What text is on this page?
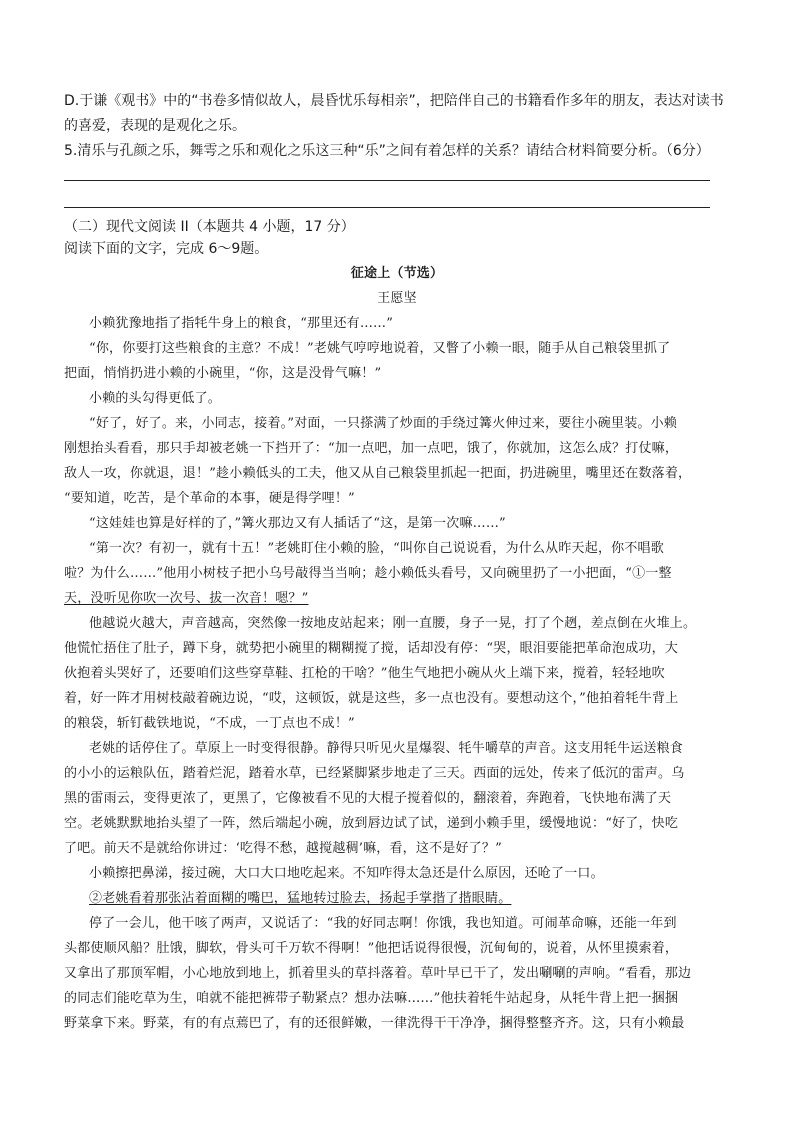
D.于谦《观书》中的“书卷多情似故人，晨昏忧乐每相亲”，把陪伴自己的书籍看作多年的朋友，表达对读书
的喜爱，表现的是观化之乐。
5.清乐与孔颜之乐，舞雩之乐和观化之乐这三种“乐”之间有着怎样的关系？请结合材料简要分析。（6分）
（二）现代文阅读 II（本题共 4 小题，17 分）
阅读下面的文字，完成 6～9题。
征途上（节选）
王愿坚
小赖犹豫地指了指牦牛身上的粮食，“那里还有……”
“你，你要打这些粮食的主意？不成！”老姚气哼哼地说着，又瞥了小赖一眼，随手从自己粮袋里抓了
把面，悄悄扔进小赖的小碗里，“你，这是没骨气嘛！”
小赖的头勾得更低了。
“好了，好了。来，小同志，接着。”对面，一只搽满了炒面的手绕过篝火伸过来，要往小碗里装。小赖
刚想抬头看看，那只手却被老姚一下挡开了：“加一点吧，加一点吧，饿了，你就加，这怎么成？打仗嘛，
敌人一攻，你就退，退！”趁小赖低头的工夫，他又从自己粮袋里抓起一把面，扔进碗里，嘴里还在数落着，
“要知道，吃苦，是个革命的本事，硬是得学哩！”
“这娃娃也算是好样的了，”篝火那边又有人插话了“这，是第一次嘛……”
“第一次？有初一，就有十五！”老姚盯住小赖的脸，“叫你自己说说看，为什么从昨天起，你不唱歌
啦？为什么……”他用小树枝子把小乌号敲得当当响；趁小赖低头看号，又向碗里扔了一小把面，“①一整
天，没听见你吹一次号、拔一次音！嗯？”
他越说火越大，声音越高，突然像一按地皮站起来；刚一直腰，身子一晃，打了个趔，差点倒在火堆上。
他慌忙捂住了肚子，蹲下身，就势把小碗里的糊糊搅了搅，话却没有停：“哭，眼泪要能把革命泡成功，大
伙抱着头哭好了，还要咱们这些穿草鞋、扛枪的干啥？”他生气地把小碗从火上端下来，搅着，轻轻地吹
着，好一阵才用树枝敲着碗边说，“哎，这顿饭，就是这些，多一点也没有。要想动这个，”他拍着牦牛背上
的粮袋，斩钉截铁地说，“不成，一丁点也不成！”
老姚的话停住了。草原上一时变得很静。静得只听见火星爆裂、牦牛嚼草的声音。这支用牦牛运送粮食
的小小的运粮队伍，踏着烂泥，踏着水草，已经紧脚紧步地走了三天。西面的远处，传来了低沉的雷声。乌
黑的雷雨云，变得更浓了，更黑了，它像被看不见的大棍子搅着似的，翻滚着，奔跑着，飞快地布满了天
空。老姚默默地抬头望了一阵，然后端起小碗，放到唇边试了试，递到小赖手里，缓慢地说：“好了，快吃
了吧。前天不是就给你讲过：‘吃得不愁，越搅越稠’嘛，看，这不是好了？”
小赖擦把鼻涕，接过碗，大口大口地吃起来。不知咋得太急还是什么原因，还呛了一口。
②老姚看着那张沾着面糊的嘴巴，猛地转过脸去，扬起手掌揩了揩眼睛。
停了一会儿，他干咳了两声，又说话了：“我的好同志啊！你饿，我也知道。可闹革命嘛，还能一年到
头都使顺风船？肚饿，脚软，骨头可千万软不得啊！”他把话说得很慢，沉甸甸的，说着，从怀里摸索着，
又拿出了那顶军帽，小心地放到地上，抓着里头的草抖落着。草叶早已干了，发出唰唰的声响。“看看，那边
的同志们能吃草为生，咱就不能把裤带子勒紧点？想办法嘛……”他扶着牦牛站起身，从牦牛背上把一捆捆
野菜拿下来。野菜，有的有点蔫巴了，有的还很鲜嫩，一律洗得干干净净，捆得整整齐齐。这，只有小赖最
